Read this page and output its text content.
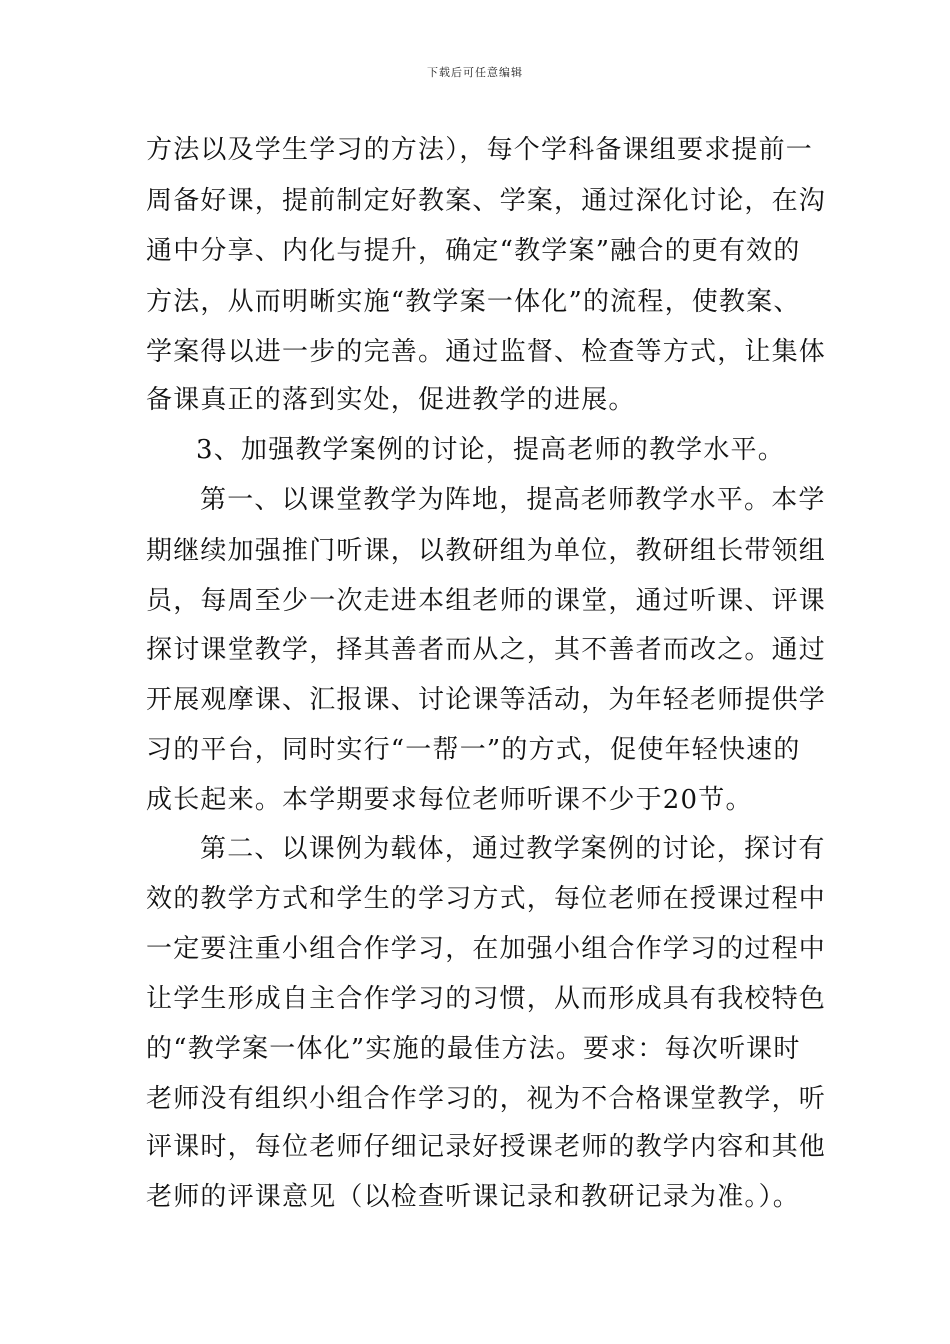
下载后可任意编辑
方法以及学生学习的方法），每个学科备课组要求提前一
周备好课，提前制定好教案、学案，通过深化讨论，在沟
通中分享、内化与提升，确定“教学案”融合的更有效的
方法，从而明晰实施“教学案一体化”的流程，使教案、
学案得以进一步的完善。通过监督、检查等方式，让集体
备课真正的落到实处，促进教学的进展。
3、加强教学案例的讨论，提高老师的教学水平。
第一、以课堂教学为阵地，提高老师教学水平。本学
期继续加强推门听课，以教研组为单位，教研组长带领组
员，每周至少一次走进本组老师的课堂，通过听课、评课
探讨课堂教学，择其善者而从之，其不善者而改之。通过
开展观摩课、汇报课、讨论课等活动，为年轻老师提供学
习的平台，同时实行“一帮一”的方式，促使年轻快速的
成长起来。本学期要求每位老师听课不少于20节。
第二、以课例为载体，通过教学案例的讨论，探讨有
效的教学方式和学生的学习方式，每位老师在授课过程中
一定要注重小组合作学习，在加强小组合作学习的过程中
让学生形成自主合作学习的习惯，从而形成具有我校特色
的“教学案一体化”实施的最佳方法。要求：每次听课时
老师没有组织小组合作学习的，视为不合格课堂教学，听
评课时，每位老师仔细记录好授课老师的教学内容和其他
老师的评课意见（以检查听课记录和教研记录为准。）。
